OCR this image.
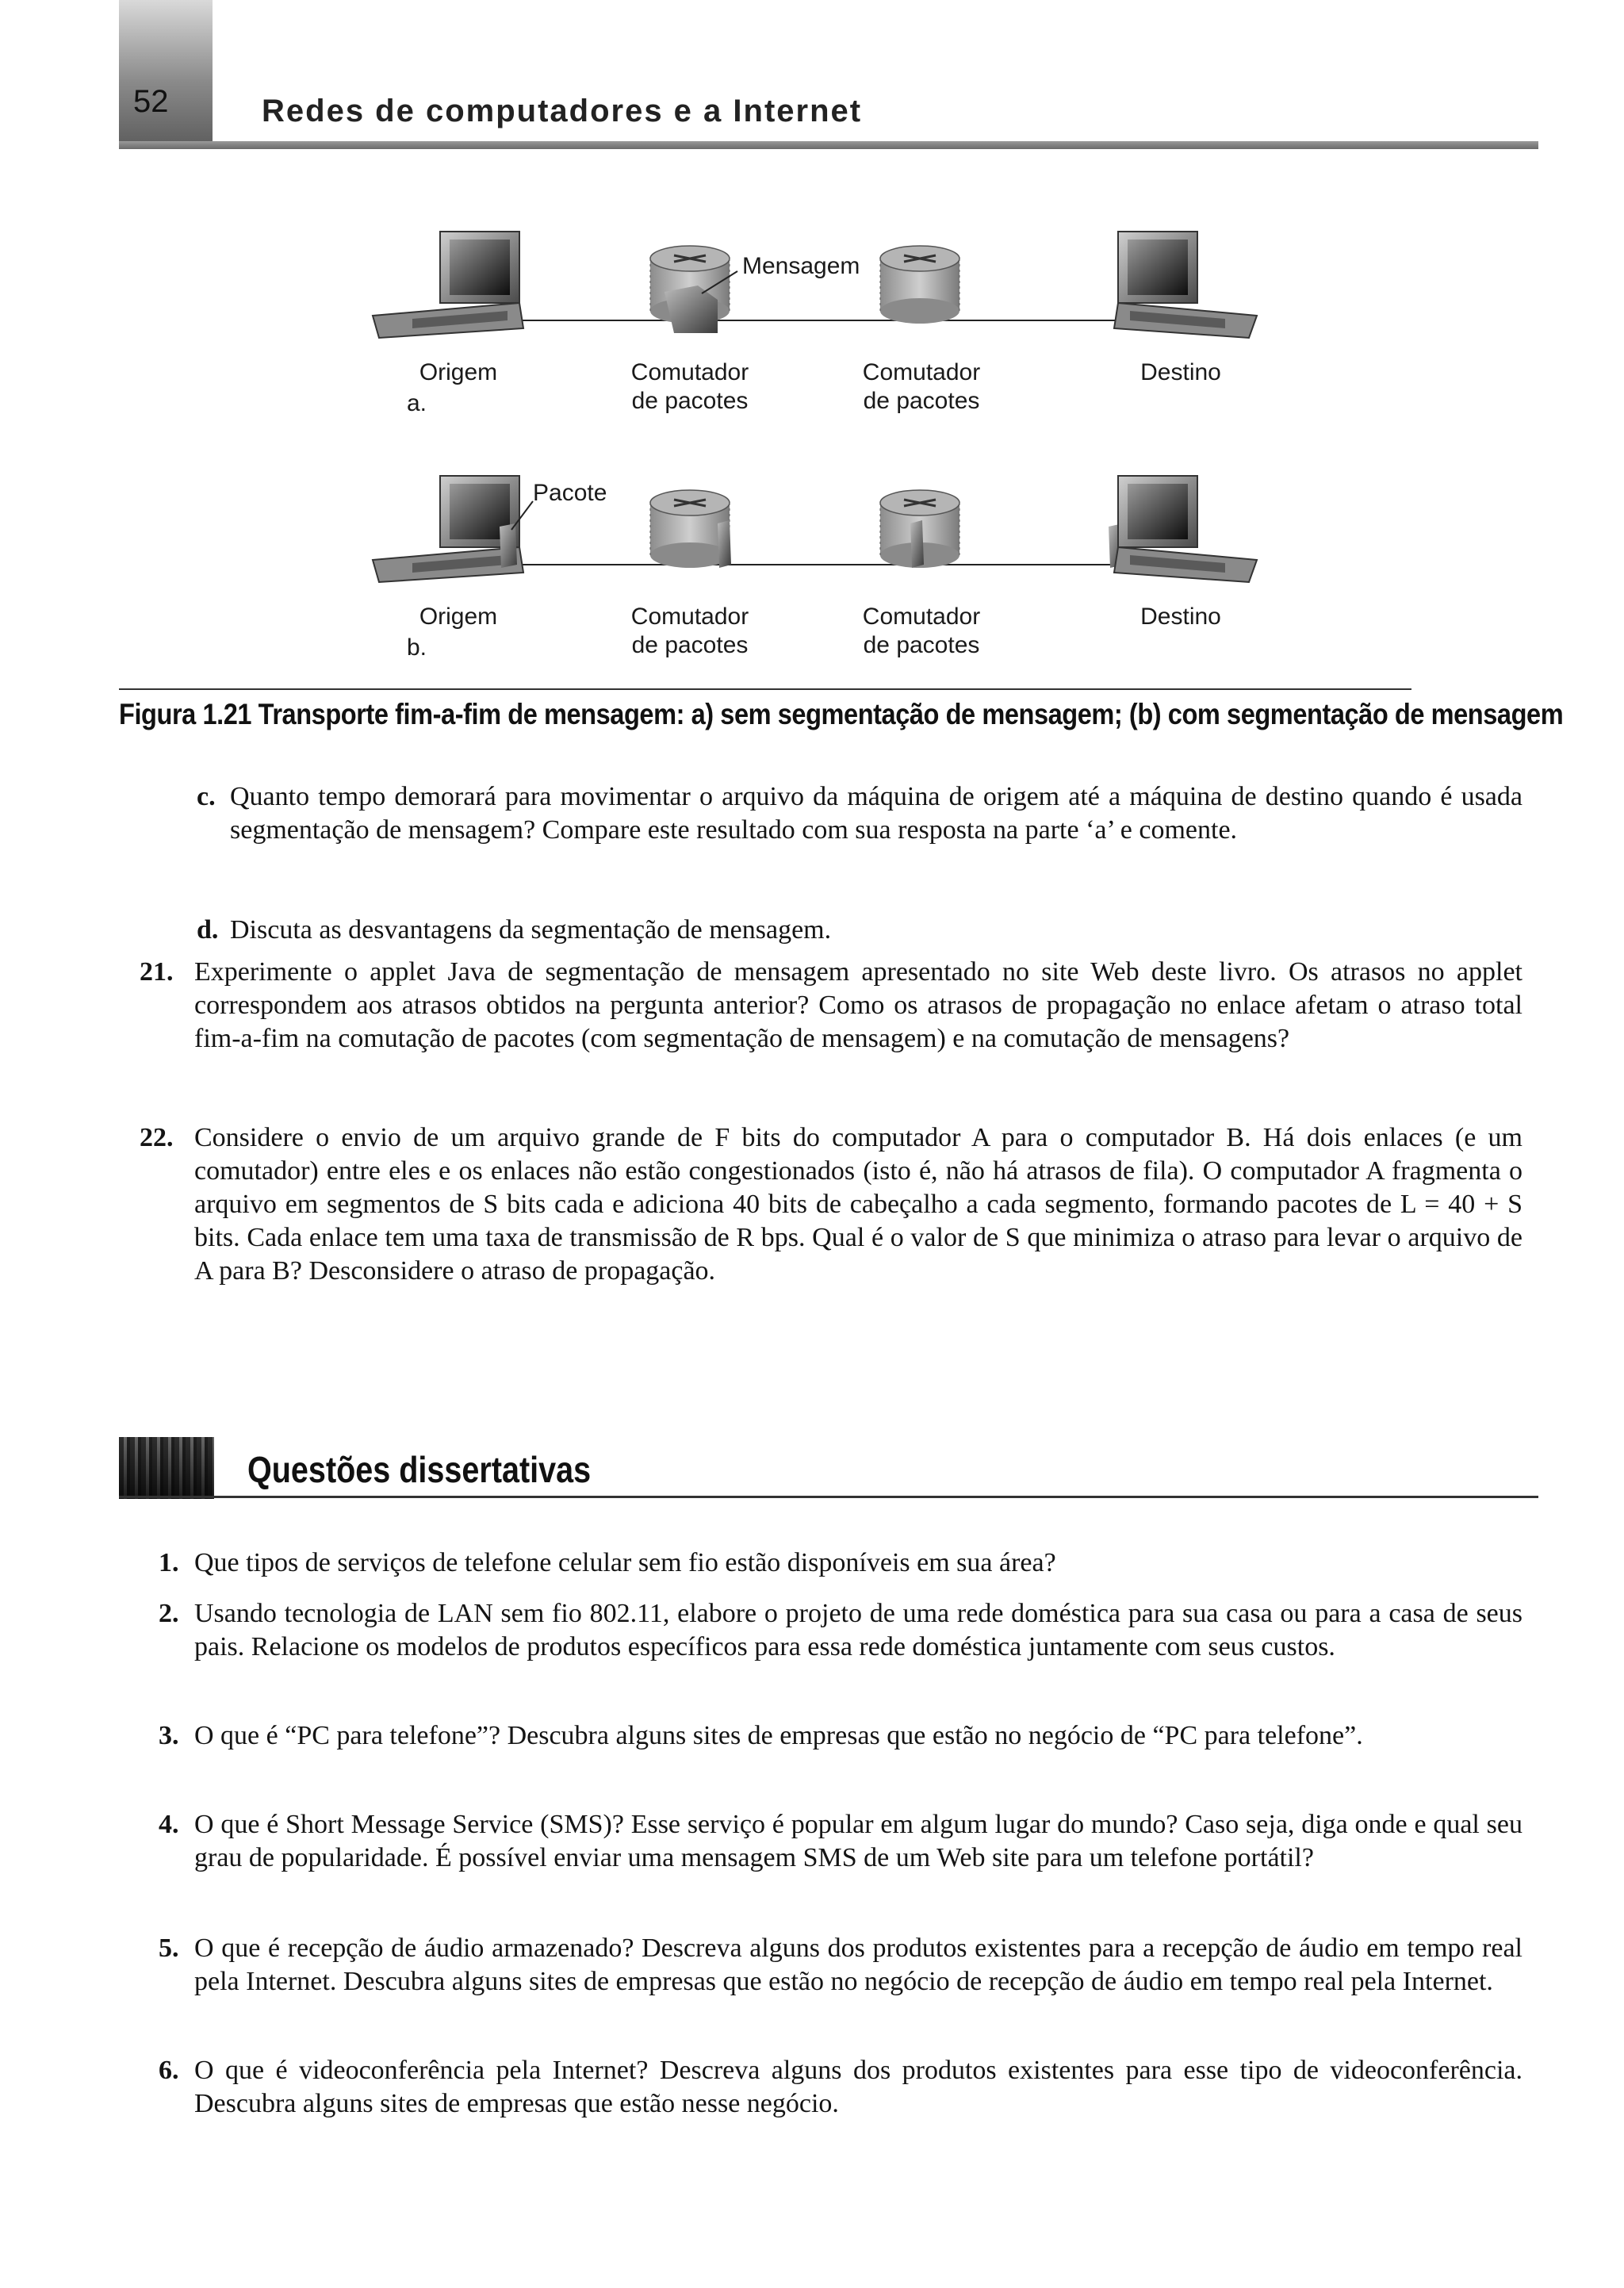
52	Redes de computadores e a Internet
Mensagem
Pacote
Origem
a.
Comutador
de pacotes
Comutador
de pacotes
Destino
Origem
b.
Comutador
de pacotes
Comutador
de pacotes
Destino
Figura 1.21 Transporte fim-a-fim de mensagem: a) sem segmentação de mensagem; (b) com segmentação de mensagem
c. Quanto tempo demorará para movimentar o arquivo da máquina de origem até a máquina de destino quando é usada segmentação de mensagem? Compare este resultado com sua resposta na parte ‘a’ e comente.
d. Discuta as desvantagens da segmentação de mensagem.
21. Experimente o applet Java de segmentação de mensagem apresentado no site Web deste livro. Os atrasos no applet correspondem aos atrasos obtidos na pergunta anterior? Como os atrasos de propagação no enlace afetam o atraso total fim-a-fim na comutação de pacotes (com segmentação de mensagem) e na comutação de mensagens?
22. Considere o envio de um arquivo grande de F bits do computador A para o computador B. Há dois enlaces (e um comutador) entre eles e os enlaces não estão congestionados (isto é, não há atrasos de fila). O computador A fragmenta o arquivo em segmentos de S bits cada e adiciona 40 bits de cabeçalho a cada segmento, formando pacotes de L = 40 + S bits. Cada enlace tem uma taxa de transmissão de R bps. Qual é o valor de S que minimiza o atraso para levar o arquivo de A para B? Desconsidere o atraso de propagação.
Questões dissertativas
1. Que tipos de serviços de telefone celular sem fio estão disponíveis em sua área?
2. Usando tecnologia de LAN sem fio 802.11, elabore o projeto de uma rede doméstica para sua casa ou para a casa de seus pais. Relacione os modelos de produtos específicos para essa rede doméstica juntamente com seus custos.
3. O que é “PC para telefone”? Descubra alguns sites de empresas que estão no negócio de “PC para telefone”.
4. O que é Short Message Service (SMS)? Esse serviço é popular em algum lugar do mundo? Caso seja, diga onde e qual seu grau de popularidade. É possível enviar uma mensagem SMS de um Web site para um telefone portátil?
5. O que é recepção de áudio armazenado? Descreva alguns dos produtos existentes para a recepção de áudio em tempo real pela Internet. Descubra alguns sites de empresas que estão no negócio de recepção de áudio em tempo real pela Internet.
6. O que é videoconferência pela Internet? Descreva alguns dos produtos existentes para esse tipo de videoconferência. Descubra alguns sites de empresas que estão nesse negócio.
